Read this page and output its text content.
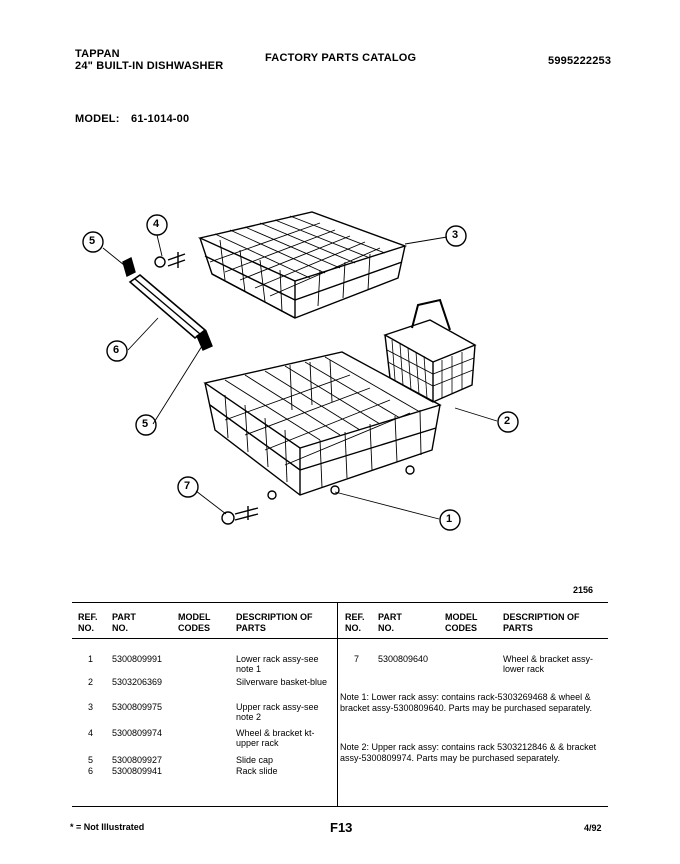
TAPPAN
24" BUILT-IN DISHWASHER
FACTORY PARTS CATALOG	5995222253
MODEL: 61-1014-00
3
2
1
4
5
5
6
7
2156
REF. NO.
PART NO.
MODEL CODES
DESCRIPTION OF PARTS
REF. NO.
PART NO.
MODEL CODES
DESCRIPTION OF PARTS
1 5300809991	Lower rack assy-see note 1
2 5303206369	Silverware basket-blue
3 5300809975	Upper rack assy-see note 2
4 5300809974	Wheel & bracket kt-upper rack
5 5300809927	Slide cap
6 5300809941	Rack slide
7 5300809640	Wheel & bracket assy-lower rack
Note 1: Lower rack assy: contains rack-5303269468 & wheel & bracket assy-5300809640. Parts may be purchased separately.
Note 2: Upper rack assy: contains rack 5303212846 & & bracket assy-5300809974. Parts may be purchased separately.
* = Not Illustrated	F13	4/92
